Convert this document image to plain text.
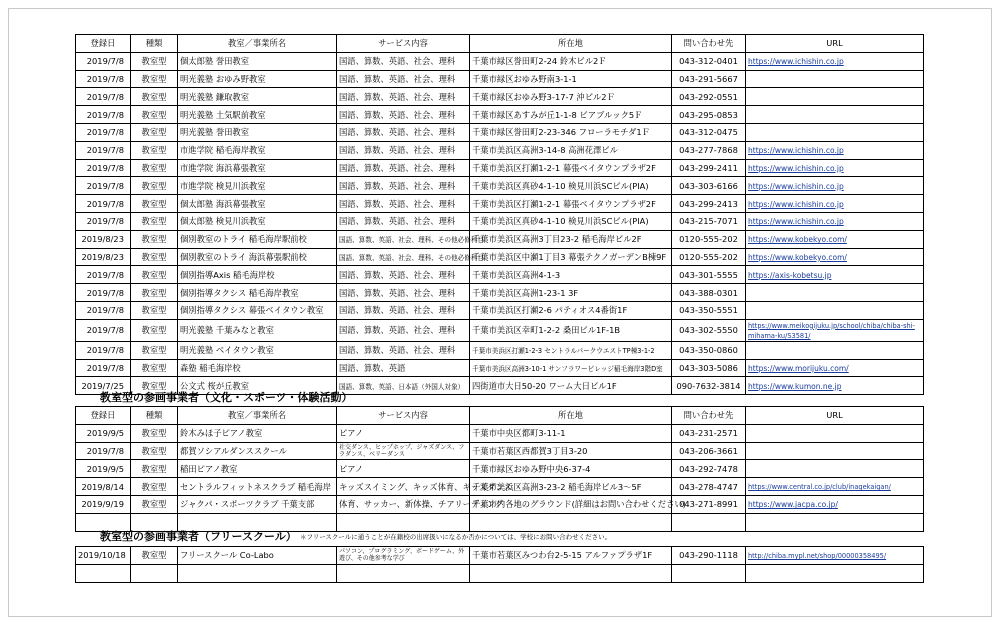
登録日	種類	教室／事業所名	サービス内容	所在地	問い合わせ先	URL
2019/7/8	教室型	個太郎塾 誉田教室	国語、算数、英語、社会、理科	千葉市緑区誉田町2-24 鈴木ビル2Ｆ	043-312-0401	https://www.ichishin.co.jp
2019/7/8	教室型	明光義塾 おゆみ野教室	国語、算数、英語、社会、理科	千葉市緑区おゆみ野南3-1-1	043-291-5667	
2019/7/8	教室型	明光義塾 鎌取教室	国語、算数、英語、社会、理科	千葉市緑区おゆみ野3-17-7 沖ビル2Ｆ	043-292-0551	
2019/7/8	教室型	明光義塾 土気駅前教室	国語、算数、英語、社会、理科	千葉市緑区あすみが丘1-1-8 ビアブルック5Ｆ	043-295-0853	
2019/7/8	教室型	明光義塾 誉田教室	国語、算数、英語、社会、理科	千葉市緑区誉田町2-23-346 フローラモチダ1Ｆ	043-312-0475	
2019/7/8	教室型	市進学院 稲毛海岸教室	国語、算数、英語、社会、理科	千葉市美浜区高洲3-14-8 高洲花澤ビル	043-277-7868	https://www.ichishin.co.jp
2019/7/8	教室型	市進学院 海浜幕張教室	国語、算数、英語、社会、理科	千葉市美浜区打瀬1-2-1 幕張ベイタウンプラザ2F	043-299-2411	https://www.ichishin.co.jp
2019/7/8	教室型	市進学院 検見川浜教室	国語、算数、英語、社会、理科	千葉市美浜区真砂4-1-10 検見川浜SCビル(PIA)	043-303-6166	https://www.ichishin.co.jp
2019/7/8	教室型	個太郎塾 海浜幕張教室	国語、算数、英語、社会、理科	千葉市美浜区打瀬1-2-1 幕張ベイタウンプラザ2F	043-299-2413	https://www.ichishin.co.jp
2019/7/8	教室型	個太郎塾 検見川浜教室	国語、算数、英語、社会、理科	千葉市美浜区真砂4-1-10 検見川浜SCビル(PIA)	043-215-7071	https://www.ichishin.co.jp
2019/8/23	教室型	個別教室のトライ 稲毛海岸駅前校	国語、算数、英語、社会、理科、その他必修科目	千葉市美浜区高洲3丁目23-2 稲毛海岸ビル2F	0120-555-202	https://www.kobekyo.com/
2019/8/23	教室型	個別教室のトライ 海浜幕張駅前校	国語、算数、英語、社会、理科、その他必修科目	千葉市美浜区中瀬1丁目3 幕張テクノガーデンB棟9F	0120-555-202	https://www.kobekyo.com/
2019/7/8	教室型	個別指導Axis 稲毛海岸校	国語、算数、英語、社会、理科	千葉市美浜区高洲4-1-3	043-301-5555	https://axis-kobetsu.jp
2019/7/8	教室型	個別指導タクシス 稲毛海岸教室	国語、算数、英語、社会、理科	千葉市美浜区高洲1-23-1 3F	043-388-0301	
2019/7/8	教室型	個別指導タクシス 幕張ベイタウン教室	国語、算数、英語、社会、理科	千葉市美浜区打瀬2-6 パティオス4番街1F	043-350-5551	
2019/7/8	教室型	明光義塾 千葉みなと教室	国語、算数、英語、社会、理科	千葉市美浜区幸町1-2-2 桑田ビル1F-1B	043-302-5550	https://www.meikogijuku.jp/school/chiba/chiba-shi-mihama-ku/S3581/
2019/7/8	教室型	明光義塾 ベイタウン教室	国語、算数、英語、社会、理科	千葉市美浜区打瀬1-2-3 セントラルパークウエストTP棟3-1-2	043-350-0860	
2019/7/8	教室型	森塾 稲毛海岸校	国語、算数、英語	千葉市美浜区高洲3-10-1 サンフラワービレッジ稲毛海岸3階D室	043-303-5086	https://www.morijuku.com/
2019/7/25	教室型	公文式 桜が丘教室	国語、算数、英語、日本語（外国人対象）	四街道市大日50-20 ワーム大日ビル1F	090-7632-3814	https://www.kumon.ne.jp
教室型の参画事業者（文化・スポーツ・体験活動）
登録日	種類	教室／事業所名	サービス内容	所在地	問い合わせ先	URL
2019/9/5	教室型	鈴木みほ子ピアノ教室	ピアノ	千葉市中央区都町3-11-1	043-231-2571	
2019/7/8	教室型	都賀ソシアルダンススクール	社交ダンス、ヒップホップ、ジャズダンス、フラダンス、ベリーダンス	千葉市若葉区西都賀3丁目3-20	043-206-3661	
2019/9/5	教室型	稲田ピアノ教室	ピアノ	千葉市緑区おゆみ野中央6-37-4	043-292-7478	
2019/8/14	教室型	セントラルフィットネスクラブ 稲毛海岸	キッズスイミング、キッズ体育、キッズダンス	千葉市美浜区高洲3-23-2 稲毛海岸ビル3～5F	043-278-4747	https://www.central.co.jp/club/inagekaigan/
2019/9/19	教室型	ジャクパ・スポーツクラブ 千葉支部	体育、サッカー、新体操、チアリーディング	千葉市内各地のグラウンド(詳細はお問い合わせください)	043-271-8991	https://www.jacpa.co.jp/

教室型の参画事業者（フリースクール） ＊フリースクールに通うことが在籍校の出席扱いになるか否かについては、学校にお問い合わせください。
2019/10/18	教室型	フリースクール Co-Labo	パソコン、プログラミング、ボードゲーム、外遊び、その他参考な学び	千葉市若葉区みつわ台2-5-15 アルファプラザ1F	043-290-1118	http://chiba.mypl.net/shop/00000358495/
